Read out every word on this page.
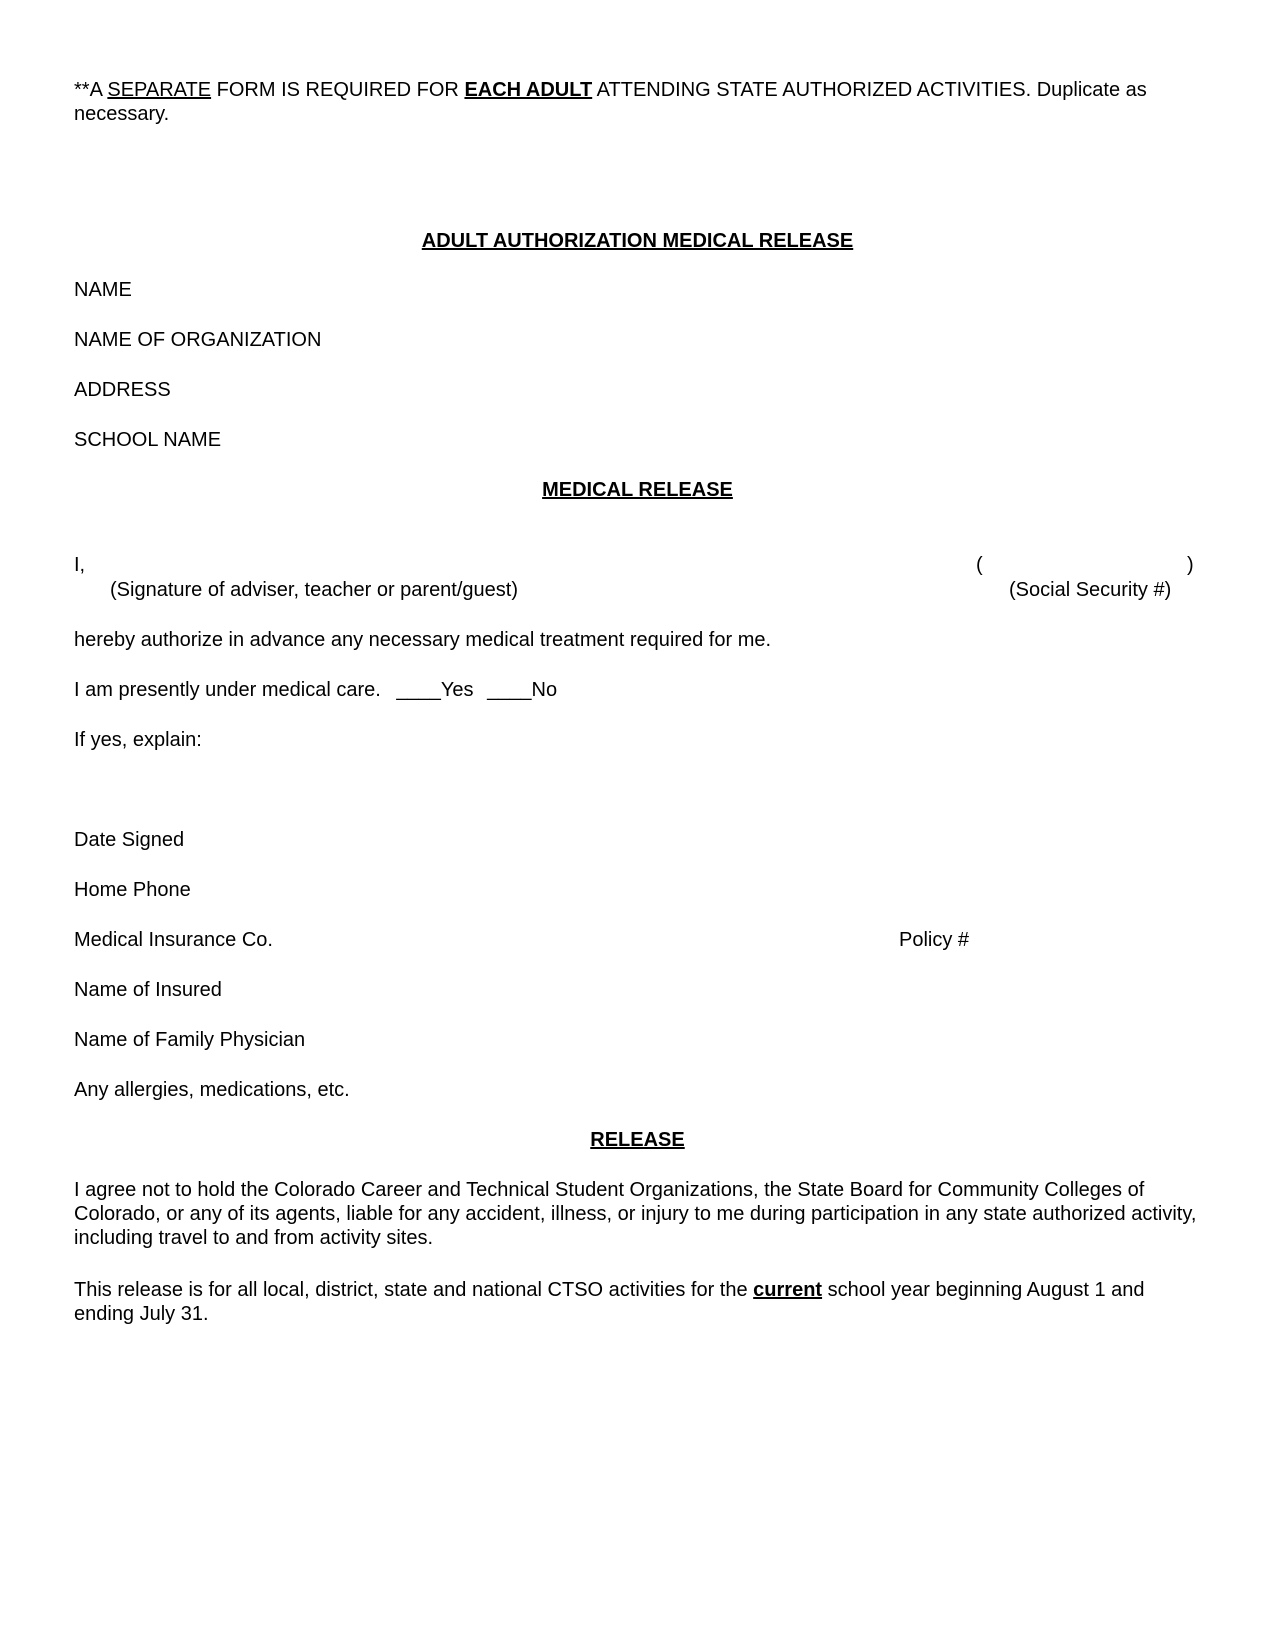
**A SEPARATE FORM IS REQUIRED FOR EACH ADULT ATTENDING STATE AUTHORIZED ACTIVITIES. Duplicate as necessary.
ADULT AUTHORIZATION MEDICAL RELEASE
NAME
NAME OF ORGANIZATION
ADDRESS
SCHOOL NAME
MEDICAL RELEASE
I,	(	)
(Signature of adviser, teacher or parent/guest)	(Social Security #)
hereby authorize in advance any necessary medical treatment required for me.
I am presently under medical care. ____Yes ____No
If yes, explain:
Date Signed
Home Phone
Medical Insurance Co.	Policy #
Name of Insured
Name of Family Physician
Any allergies, medications, etc.
RELEASE
I agree not to hold the Colorado Career and Technical Student Organizations, the State Board for Community Colleges of Colorado, or any of its agents, liable for any accident, illness, or injury to me during participation in any state authorized activity, including travel to and from activity sites.
This release is for all local, district, state and national CTSO activities for the current school year beginning August 1 and ending July 31.
